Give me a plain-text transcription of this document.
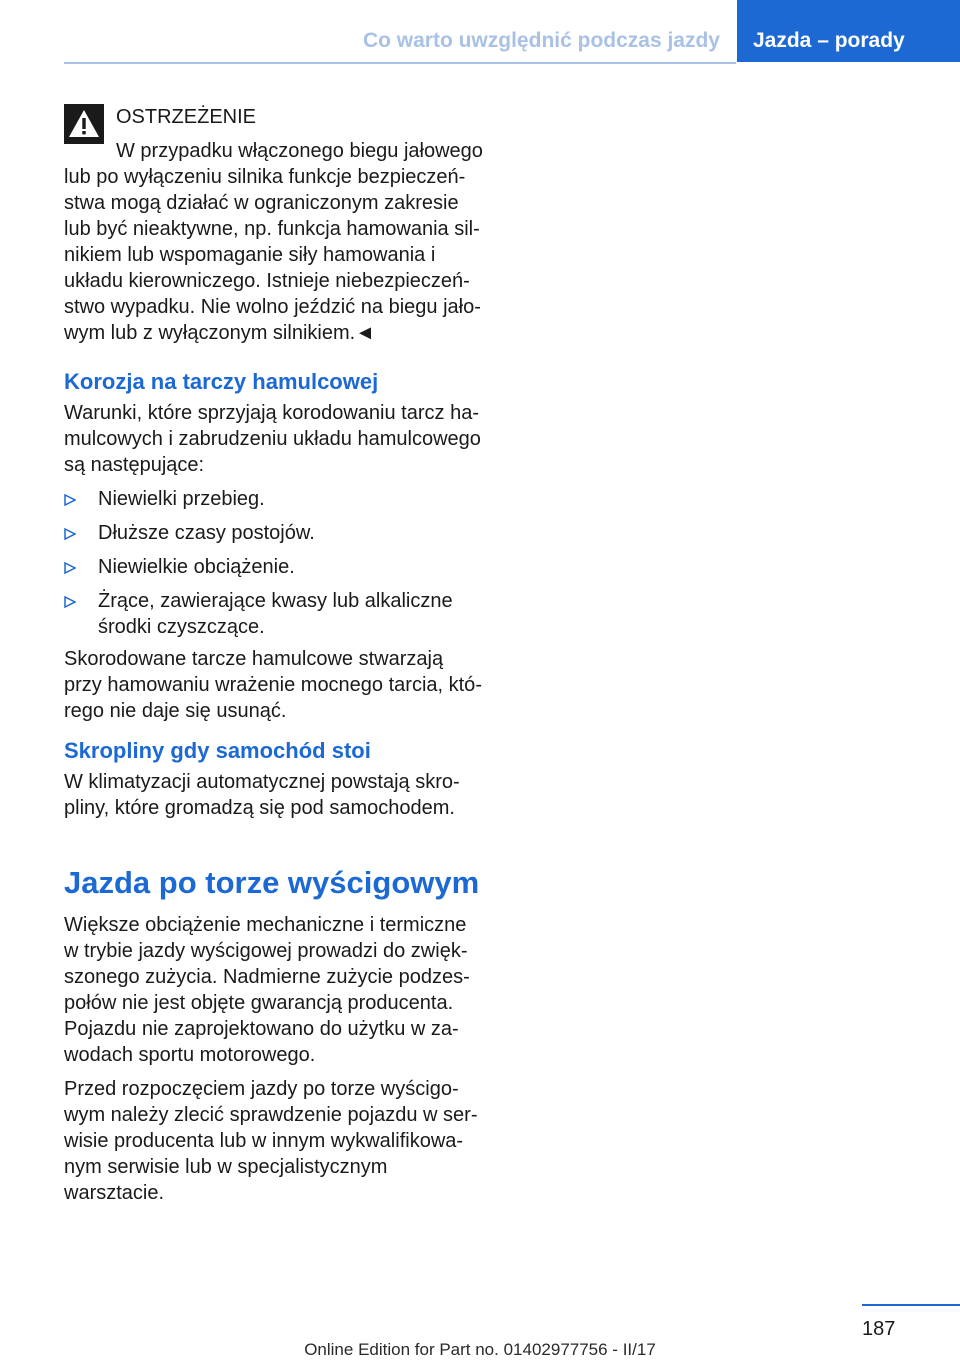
Co warto uwzględnić podczas jazdy Jazda – porady
OSTRZEŻENIE

W przypadku włączonego biegu jałowego lub po wyłączeniu silnika funkcje bezpieczeństwa mogą działać w ograniczonym zakresie lub być nieaktywne, np. funkcja hamowania silnikiem lub wspomaganie siły hamowania i układu kierowniczego. Istnieje niebezpieczeństwo wypadku. Nie wolno jeździć na biegu jałowym lub z wyłączonym silnikiem.◄

Korozja na tarczy hamulcowej

Warunki, które sprzyjają korodowaniu tarcz hamulcowych i zabrudzeniu układu hamulcowego są następujące:

Niewielki przebieg.
Dłuższe czasy postojów.
Niewielkie obciążenie.
Żrące, zawierające kwasy lub alkaliczne środki czyszczące.

Skorodowane tarcze hamulcowe stwarzają przy hamowaniu wrażenie mocnego tarcia, którego nie daje się usunąć.

Skropliny gdy samochód stoi

W klimatyzacji automatycznej powstają skropliny, które gromadzą się pod samochodem.

Jazda po torze wyścigowym

Większe obciążenie mechaniczne i termiczne w trybie jazdy wyścigowej prowadzi do zwiększonego zużycia. Nadmierne zużycie podzespołów nie jest objęte gwarancją producenta. Pojazdu nie zaprojektowano do użytku w zawodach sportu motorowego.

Przed rozpoczęciem jazdy po torze wyścigowym należy zlecić sprawdzenie pojazdu w serwisie producenta lub w innym wykwalifikowanym serwisie lub w specjalistycznym warsztacie.

187
Online Edition for Part no. 01402977756 - II/17
